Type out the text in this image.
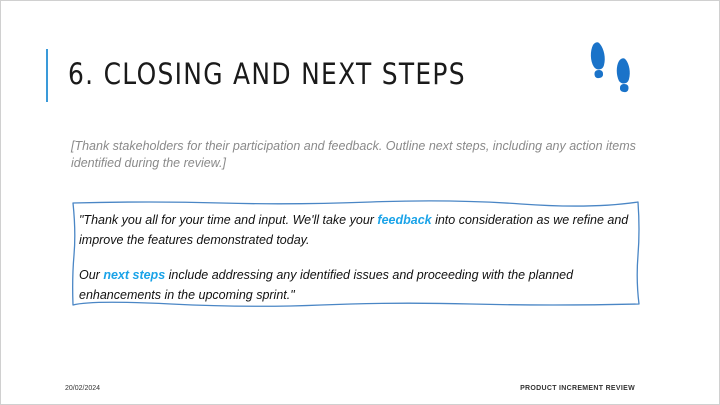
6. CLOSING AND NEXT STEPS

[Thank stakeholders for their participation and feedback. Outline next steps, including any action items identified during the review.]

"Thank you all for your time and input. We'll take your feedback into consideration as we refine and improve the features demonstrated today.

Our next steps include addressing any identified issues and proceeding with the planned enhancements in the upcoming sprint."

20/02/2024	PRODUCT INCREMENT REVIEW
